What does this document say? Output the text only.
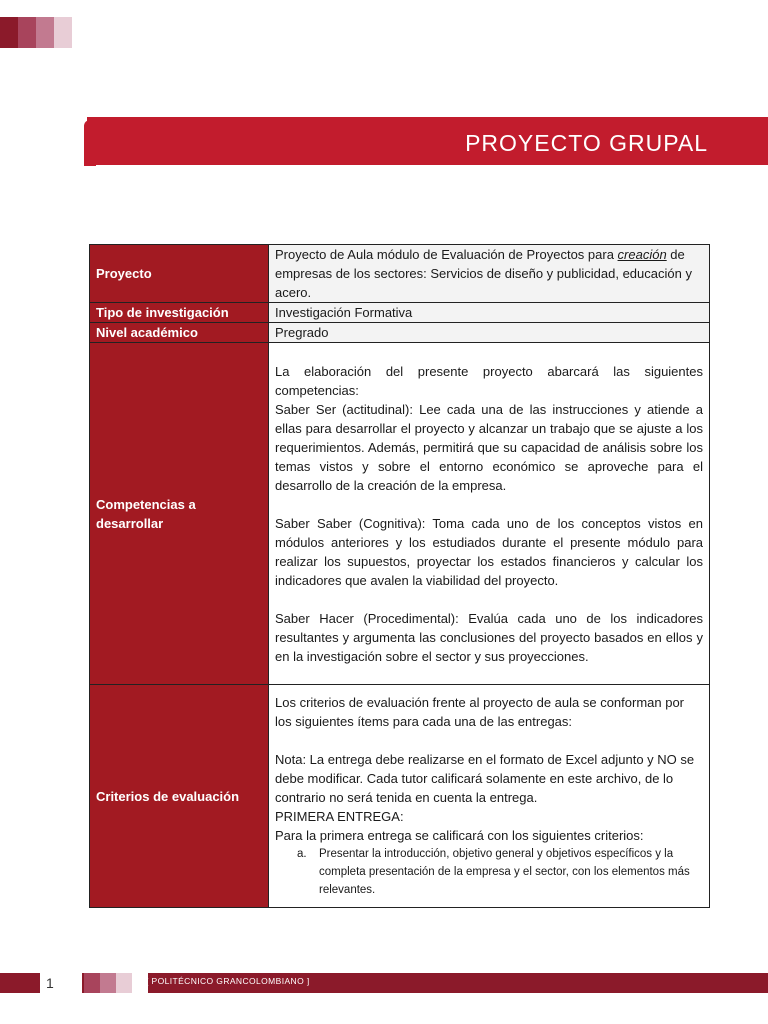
PROYECTO GRUPAL
Proyecto	Proyecto de Aula módulo de Evaluación de Proyectos para creación de empresas de los sectores: Servicios de diseño y publicidad, educación y acero.
Tipo de investigación	Investigación Formativa
Nivel académico	Pregrado
Competencias a desarrollar	La elaboración del presente proyecto abarcará las siguientes competencias:
Saber Ser (actitudinal): Lee cada una de las instrucciones y atiende a ellas para desarrollar el proyecto y alcanzar un trabajo que se ajuste a los requerimientos. Además, permitirá que su capacidad de análisis sobre los temas vistos y sobre el entorno económico se aproveche para el desarrollo de la creación de la empresa.
Saber Saber (Cognitiva): Toma cada uno de los conceptos vistos en módulos anteriores y los estudiados durante el presente módulo para realizar los supuestos, proyectar los estados financieros y calcular los indicadores que avalen la viabilidad del proyecto.
Saber Hacer (Procedimental): Evalúa cada uno de los indicadores resultantes y argumenta las conclusiones del proyecto basados en ellos y en la investigación sobre el sector y sus proyecciones.

Criterios de evaluación	Los criterios de evaluación frente al proyecto de aula se conforman por los siguientes ítems para cada una de las entregas:
Nota: La entrega debe realizarse en el formato de Excel adjunto y NO se debe modificar. Cada tutor calificará solamente en este archivo, de lo contrario no será tenida en cuenta la entrega.
PRIMERA ENTREGA:
Para la primera entrega se calificará con los siguientes criterios:
a. Presentar la introducción, objetivo general y objetivos específicos y la completa presentación de la empresa y el sector, con los elementos más relevantes.
1	[ POLITÉCNICO GRANCOLOMBIANO ]
